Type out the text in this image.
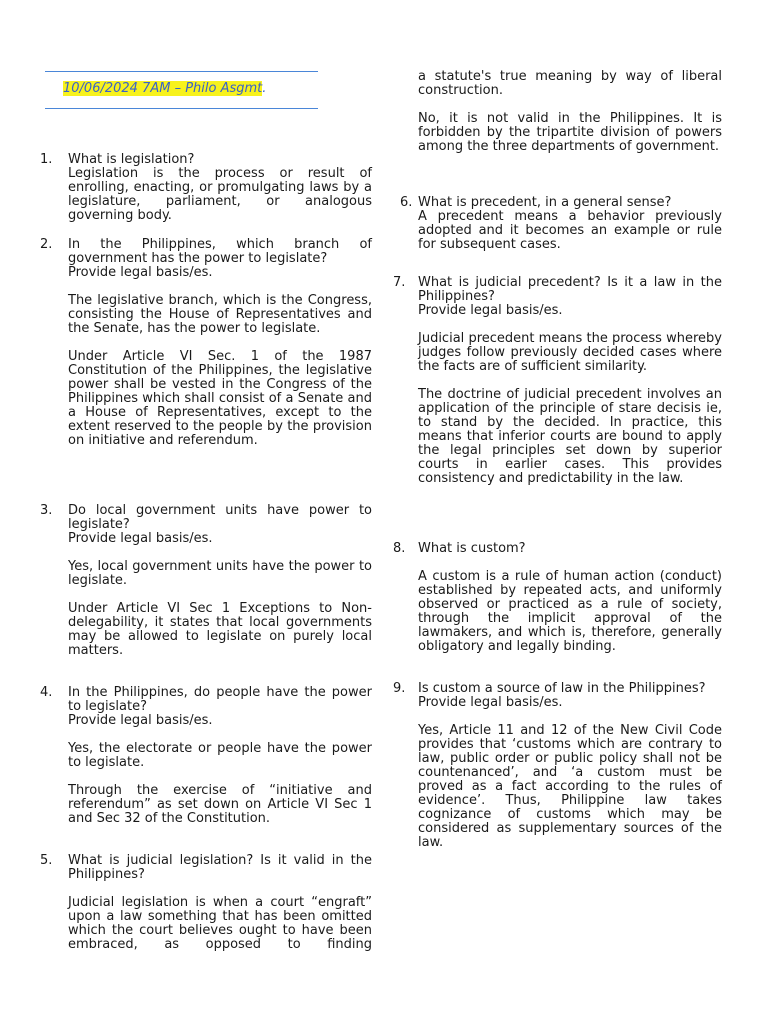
10/06/2024 7AM – Philo Asgmt.
1. What is legislation?
Legislation is the process or result of enrolling, enacting, or promulgating laws by a legislature, parliament, or analogous governing body.

2. In the Philippines, which branch of government has the power to legislate?
Provide legal basis/es.

The legislative branch, which is the Congress, consisting the House of Representatives and the Senate, has the power to legislate.

Under Article VI Sec. 1 of the 1987 Constitution of the Philippines, the legislative power shall be vested in the Congress of the Philippines which shall consist of a Senate and a House of Representatives, except to the extent reserved to the people by the provision on initiative and referendum.

3. Do local government units have power to legislate?
Provide legal basis/es.

Yes, local government units have the power to legislate.

Under Article VI Sec 1 Exceptions to Non-delegability, it states that local governments may be allowed to legislate on purely local matters.

4. In the Philippines, do people have the power to legislate?
Provide legal basis/es.

Yes, the electorate or people have the power to legislate.

Through the exercise of “initiative and referendum” as set down on Article VI Sec 1 and Sec 32 of the Constitution.

5. What is judicial legislation? Is it valid in the Philippines?

Judicial legislation is when a court “engraft” upon a law something that has been omitted which the court believes ought to have been embraced, as opposed to finding

a statute's true meaning by way of liberal construction.

No, it is not valid in the Philippines. It is forbidden by the tripartite division of powers among the three departments of government.

6. What is precedent, in a general sense?
A precedent means a behavior previously adopted and it becomes an example or rule for subsequent cases.

7. What is judicial precedent? Is it a law in the Philippines?
Provide legal basis/es.

Judicial precedent means the process whereby judges follow previously decided cases where the facts are of sufficient similarity.

The doctrine of judicial precedent involves an application of the principle of stare decisis ie, to stand by the decided. In practice, this means that inferior courts are bound to apply the legal principles set down by superior courts in earlier cases. This provides consistency and predictability in the law.

8. What is custom?

A custom is a rule of human action (conduct) established by repeated acts, and uniformly observed or practiced as a rule of society, through the implicit approval of the lawmakers, and which is, therefore, generally obligatory and legally binding.

9. Is custom a source of law in the Philippines?
Provide legal basis/es.

Yes, Article 11 and 12 of the New Civil Code provides that ‘customs which are contrary to law, public order or public policy shall not be countenanced’, and ‘a custom must be proved as a fact according to the rules of evidence’. Thus, Philippine law takes cognizance of customs which may be considered as supplementary sources of the law.
